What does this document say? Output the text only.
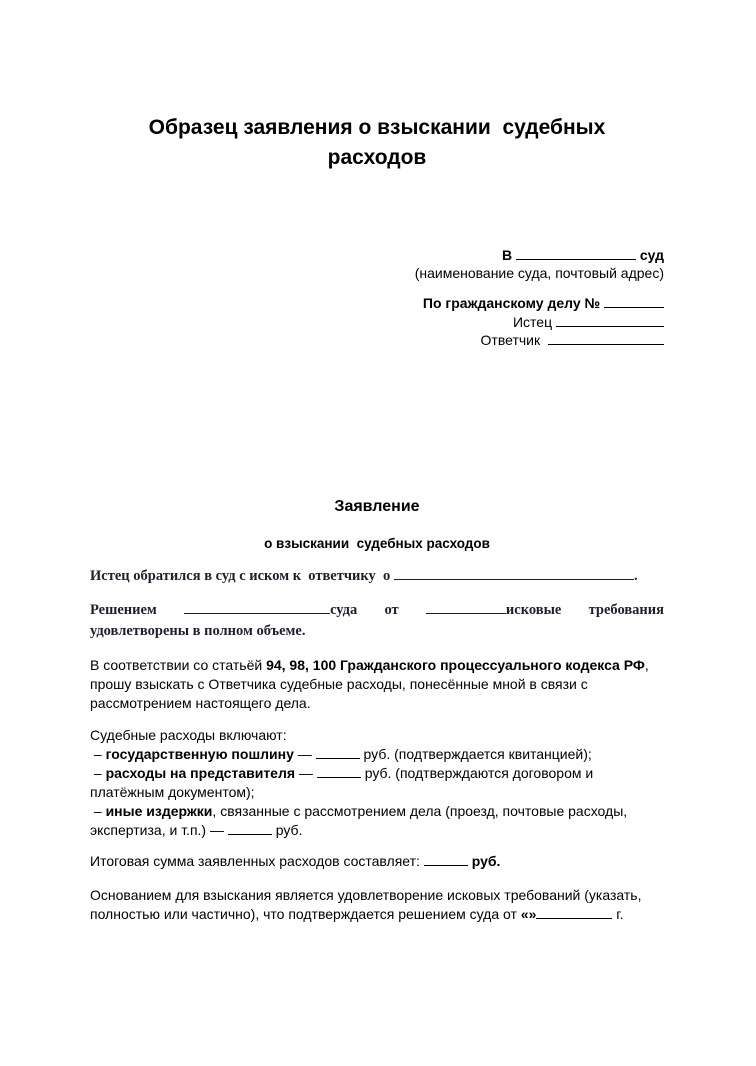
Образец заявления о взыскании  судебных
расходов
В	суд
(наименование суда, почтовый адрес)
По гражданскому делу №
Истец
Ответчик
Заявление
о взыскании  судебных расходов
Истец обратился в суд с иском к  ответчику  о	.
Решением	суда от	исковые требования
удовлетворены в полном объеме.
В соответствии со статьёй 94, 98, 100 Гражданского процессуального кодекса РФ,
прошу взыскать с Ответчика судебные расходы, понесённые мной в связи с
рассмотрением настоящего дела.
Судебные расходы включают:
– государственную пошлину —	руб. (подтверждается квитанцией);
– расходы на представителя —	руб. (подтверждаются договором и
платёжным документом);
– иные издержки, связанные с рассмотрением дела (проезд, почтовые расходы,
экспертиза, и т.п.) —	руб.
Итоговая сумма заявленных расходов составляет:	руб.
Основанием для взыскания является удовлетворение исковых требований (указать,
полностью или частично), что подтверждается решением суда от «»	г.
